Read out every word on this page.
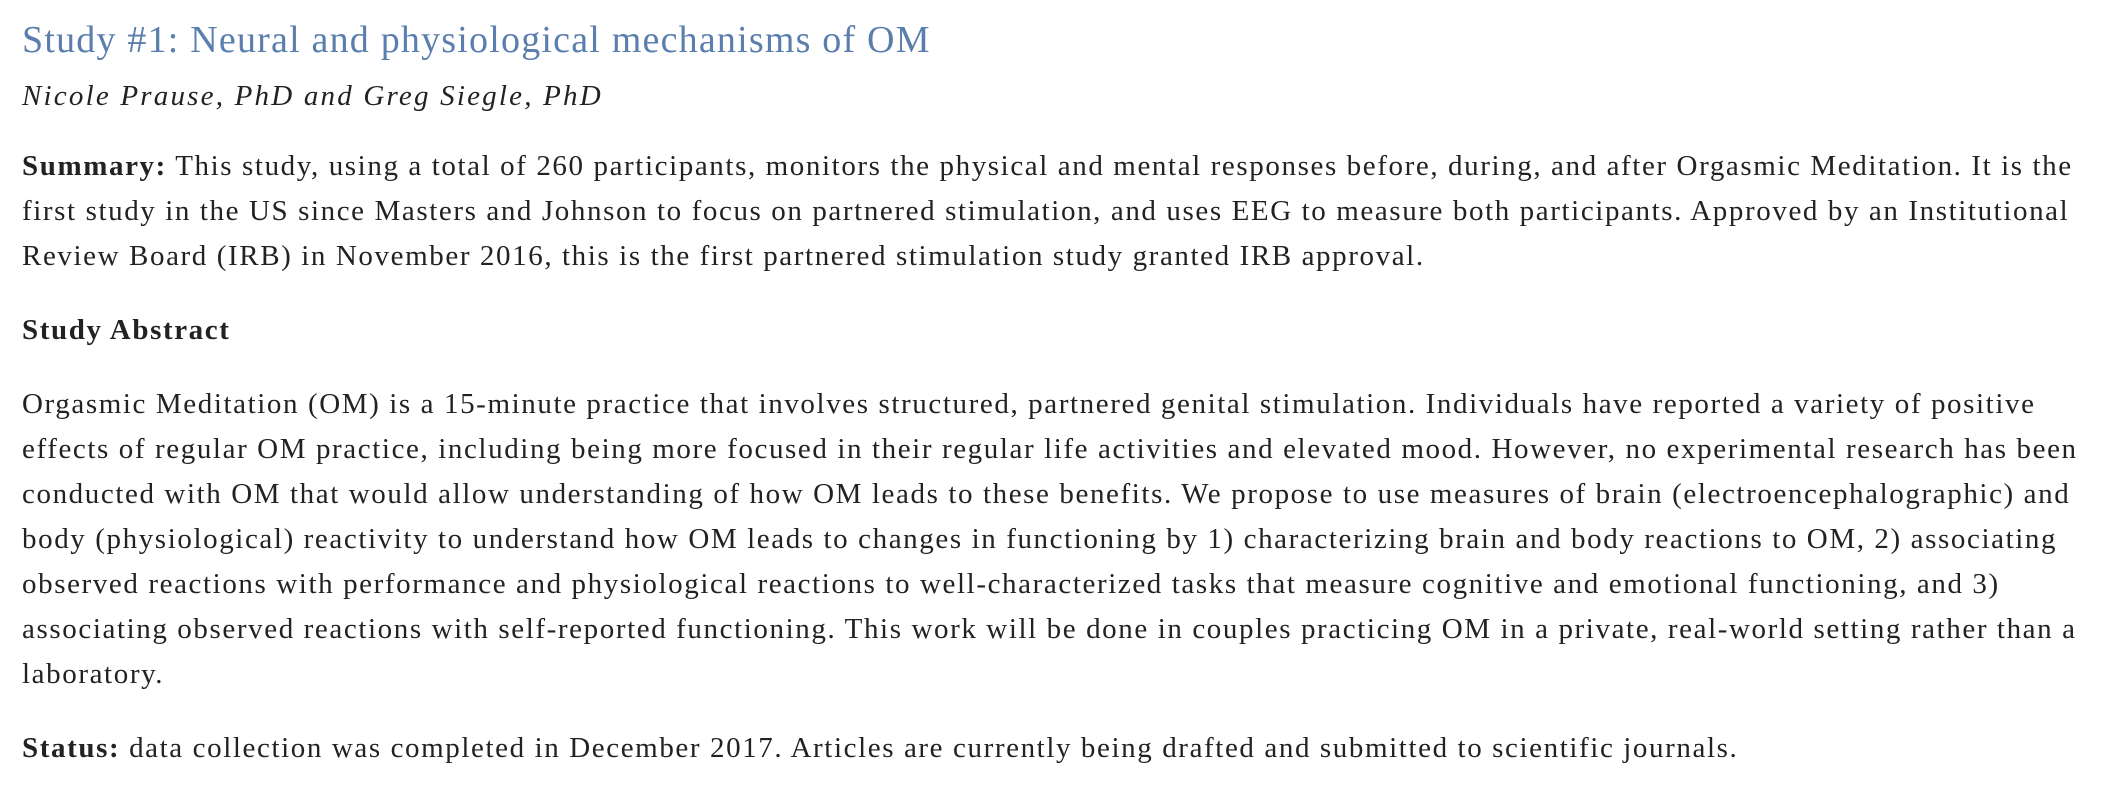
Study #1: Neural and physiological mechanisms of OM

Nicole Prause, PhD and Greg Siegle, PhD

Summary: This study, using a total of 260 participants, monitors the physical and mental responses before, during, and after Orgasmic Meditation. It is the first study in the US since Masters and Johnson to focus on partnered stimulation, and uses EEG to measure both participants. Approved by an Institutional Review Board (IRB) in November 2016, this is the first partnered stimulation study granted IRB approval.

Study Abstract

Orgasmic Meditation (OM) is a 15-minute practice that involves structured, partnered genital stimulation. Individuals have reported a variety of positive effects of regular OM practice, including being more focused in their regular life activities and elevated mood. However, no experimental research has been conducted with OM that would allow understanding of how OM leads to these benefits. We propose to use measures of brain (electroencephalographic) and body (physiological) reactivity to understand how OM leads to changes in functioning by 1) characterizing brain and body reactions to OM, 2) associating observed reactions with performance and physiological reactions to well-characterized tasks that measure cognitive and emotional functioning, and 3) associating observed reactions with self-reported functioning. This work will be done in couples practicing OM in a private, real-world setting rather than a laboratory.

Status: data collection was completed in December 2017. Articles are currently being drafted and submitted to scientific journals.
